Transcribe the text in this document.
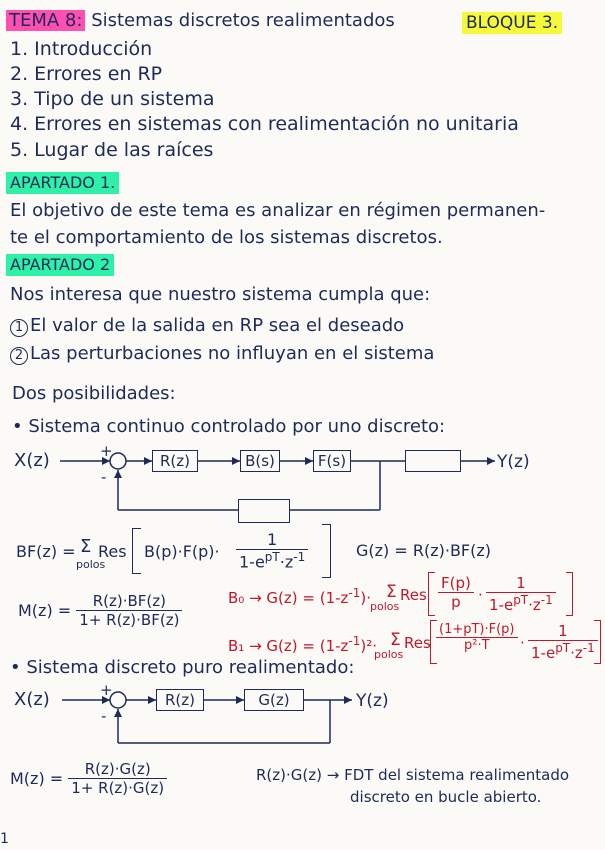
TEMA 8: Sistemas discretos realimentados	BLOQUE 3.
1. Introducción
2. Errores en RP
3. Tipo de un sistema
4. Errores en sistemas con realimentación no unitaria
5. Lugar de las raíces
APARTADO 1.
El objetivo de este tema es analizar en régimen permanen-
te el comportamiento de los sistemas discretos.
APARTADO 2
Nos interesa que nuestro sistema cumpla que:
1 El valor de la salida en RP sea el deseado
2 Las perturbaciones no influyan en el sistema
Dos posibilidades:
• Sistema continuo controlado por uno discreto:
X(z)	+
-
R(z)	B(s)	F(s)	Y(z)
BF(z) = Σ
polos
Res B(p)·F(p)·
1
$1-e^{pT}\cdot z^{-1}$	G(z) = R(z)·BF(z)
$M(z) = \frac{R(z)\cdot BF(z)}{1+ R(z)\cdot BF(z)}$	$B_0 \to G(z) = (1-z^{-1})\cdot \Sigma$
polos
Res $\frac{F(p)}{p}$ ·
1
$1-e^{pT}\cdot z^{-1}$
$B_1 \to G(z) = (1-z^{-1})^2\cdot \Sigma$
polos
Res $\frac{(1+pT)\cdot F(p)}{\text{p²·T}}$ ·
1
$1-e^{pT}\cdot z^{-1}$
• Sistema discreto puro realimentado:
X(z)	+
-
R(z)	G(z)	Y(z)
$M(z) = \frac{R(z)\cdot G(z)}{1+ R(z)\cdot G(z)}$	R(z)·G(z) → FDT del sistema realimentado
discreto en bucle abierto.
1
